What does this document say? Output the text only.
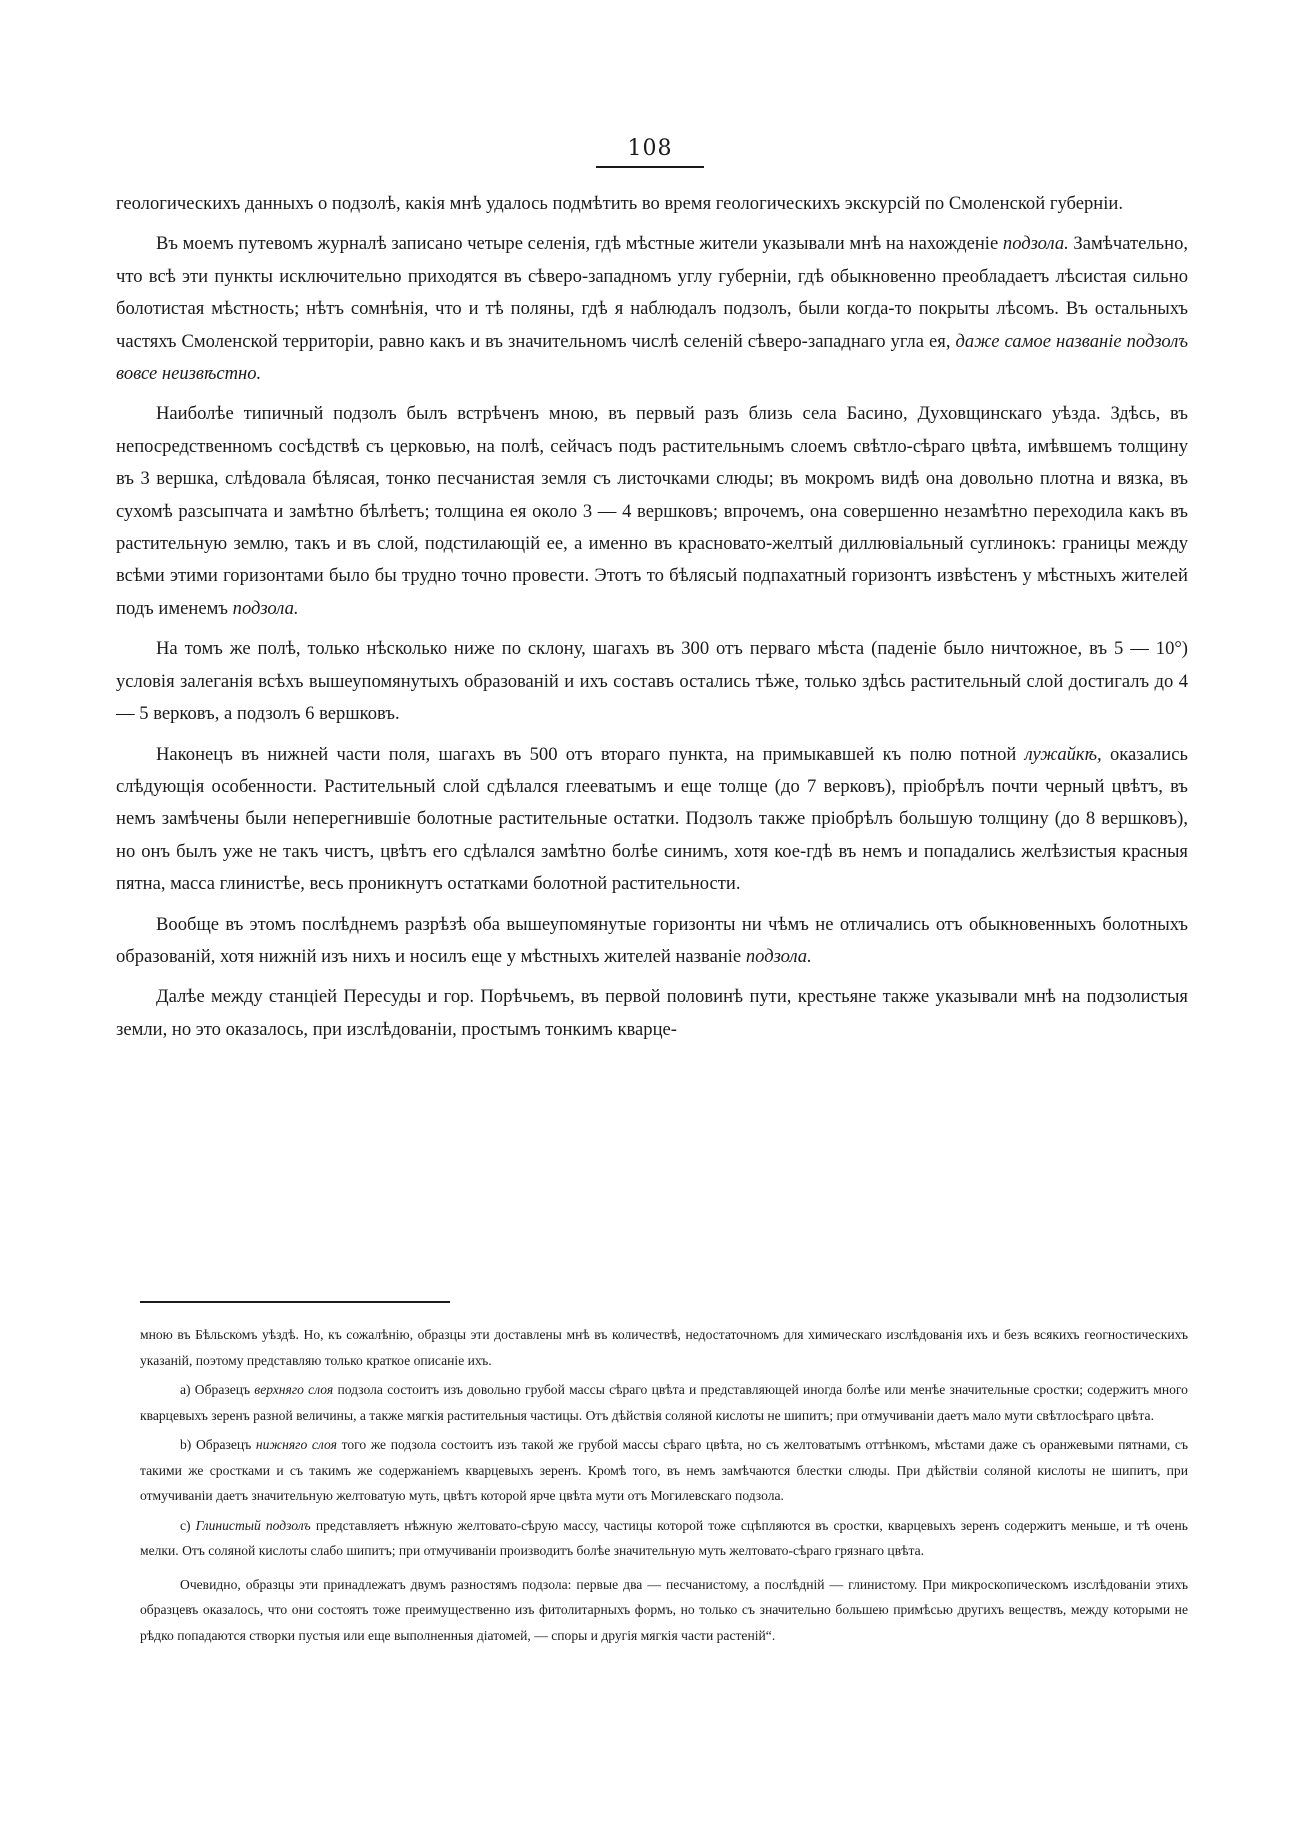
108

геологическихъ данныхъ о подзолѣ, какія мнѣ удалось подмѣтить во время геологическихъ экскурсій по Смоленской губерніи.

Въ моемъ путевомъ журналѣ записано четыре селенія, гдѣ мѣстные жители указывали мнѣ на нахожденіе подзола. Замѣчательно, что всѣ эти пункты исключительно приходятся въ сѣверо-западномъ углу губерніи, гдѣ обыкновенно преобладаетъ лѣсистая сильно болотистая мѣстность; нѣтъ сомнѣнія, что и тѣ поляны, гдѣ я наблюдалъ подзолъ, были когда-то покрыты лѣсомъ. Въ остальныхъ частяхъ Смоленской территоріи, равно какъ и въ значительномъ числѣ селеній сѣверо-западнаго угла ея, даже самое названіе подзолъ вовсе неизвѣстно.

Наиболѣе типичный подзолъ былъ встрѣченъ мною, въ первый разъ близь села Басино, Духовщинскаго уѣзда. Здѣсь, въ непосредственномъ сосѣдствѣ съ церковью, на полѣ, сейчасъ подъ растительнымъ слоемъ свѣтло-сѣраго цвѣта, имѣвшемъ толщину въ 3 вершка, слѣдовала бѣлясая, тонко песчанистая земля съ листочками слюды; въ мокромъ видѣ она довольно плотна и вязка, въ сухомѣ разсыпчата и замѣтно бѣлѣетъ; толщина ея около 3 — 4 вершковъ; впрочемъ, она совершенно незамѣтно переходила какъ въ растительную землю, такъ и въ слой, подстилающій ее, а именно въ красновато-желтый диллювіальный суглинокъ: границы между всѣми этими горизонтами было бы трудно точно провести. Этотъ то бѣлясый подпахатный горизонтъ извѣстенъ у мѣстныхъ жителей подъ именемъ подзола.

На томъ же полѣ, только нѣсколько ниже по склону, шагахъ въ 300 отъ перваго мѣста (паденіе было ничтожное, въ 5 — 10°) условія залеганія всѣхъ вышеупомянутыхъ образованій и ихъ составъ остались тѣже, только здѣсь растительный слой достигалъ до 4 — 5 верковъ, а подзолъ 6 вершковъ.

Наконецъ въ нижней части поля, шагахъ въ 500 отъ втораго пункта, на примыкавшей къ полю потной лужайкѣ, оказались слѣдующія особенности. Растительный слой сдѣлался глееватымъ и еще толще (до 7 верковъ), пріобрѣлъ почти черный цвѣтъ, въ немъ замѣчены были неперегнившіе болотные растительные остатки. Подзолъ также пріобрѣлъ большую толщину (до 8 вершковъ), но онъ былъ уже не такъ чистъ, цвѣтъ его сдѣлался замѣтно болѣе синимъ, хотя кое-гдѣ въ немъ и попадались желѣзистыя красныя пятна, масса глинистѣе, весь проникнутъ остатками болотной растительности.

Вообще въ этомъ послѣднемъ разрѣзѣ оба вышеупомянутые горизонты ни чѣмъ не отличались отъ обыкновенныхъ болотныхъ образованій, хотя нижній изъ нихъ и носилъ еще у мѣстныхъ жителей названіе подзола.

Далѣе между станціей Пересуды и гор. Порѣчьемъ, въ первой половинѣ пути, крестьяне также указывали мнѣ на подзолистыя земли, но это оказалось, при изслѣдованіи, простымъ тонкимъ кварце-

мною въ Бѣльскомъ уѣздѣ. Но, къ сожалѣнію, образцы эти доставлены мнѣ въ количествѣ, недостаточномъ для химическаго изслѣдованія ихъ и безъ всякихъ геогностическихъ указаній, поэтому представляю только краткое описаніе ихъ.

a) Образецъ верхняго слоя подзола состоитъ изъ довольно грубой массы сѣраго цвѣта и представляющей иногда болѣе или менѣе значительные сростки; содержитъ много кварцевыхъ зеренъ разной величины, а также мягкія растительныя частицы. Отъ дѣйствія соляной кислоты не шипитъ; при отмучиваніи даетъ мало мути свѣтлосѣраго цвѣта.

b) Образецъ нижняго слоя того же подзола состоитъ изъ такой же грубой массы сѣраго цвѣта, но съ желтоватымъ оттѣнкомъ, мѣстами даже съ оранжевыми пятнами, съ такими же сростками и съ такимъ же содержаніемъ кварцевыхъ зеренъ. Кромѣ того, въ немъ замѣчаются блестки слюды. При дѣйствіи соляной кислоты не шипитъ, при отмучиваніи даетъ значительную желтоватую муть, цвѣтъ которой ярче цвѣта мути отъ Могилевскаго подзола.

c) Глинистый подзолъ представляетъ нѣжную желтовато-сѣрую массу, частицы которой тоже сцѣпляются въ сростки, кварцевыхъ зеренъ содержитъ меньше, и тѣ очень мелки. Отъ соляной кислоты слабо шипитъ; при отмучиваніи производитъ болѣе значительную муть желтовато-сѣраго грязнаго цвѣта.

Очевидно, образцы эти принадлежатъ двумъ разностямъ подзола: первые два — песчанистому, а послѣдній — глинистому. При микроскопическомъ изслѣдованіи этихъ образцевъ оказалось, что они состоятъ тоже преимущественно изъ фитолитарныхъ формъ, но только съ значительно большею примѣсью другихъ веществъ, между которыми не рѣдко попадаются створки пустыя или еще выполненныя діатомей, — споры и другія мягкія части растеній“.
